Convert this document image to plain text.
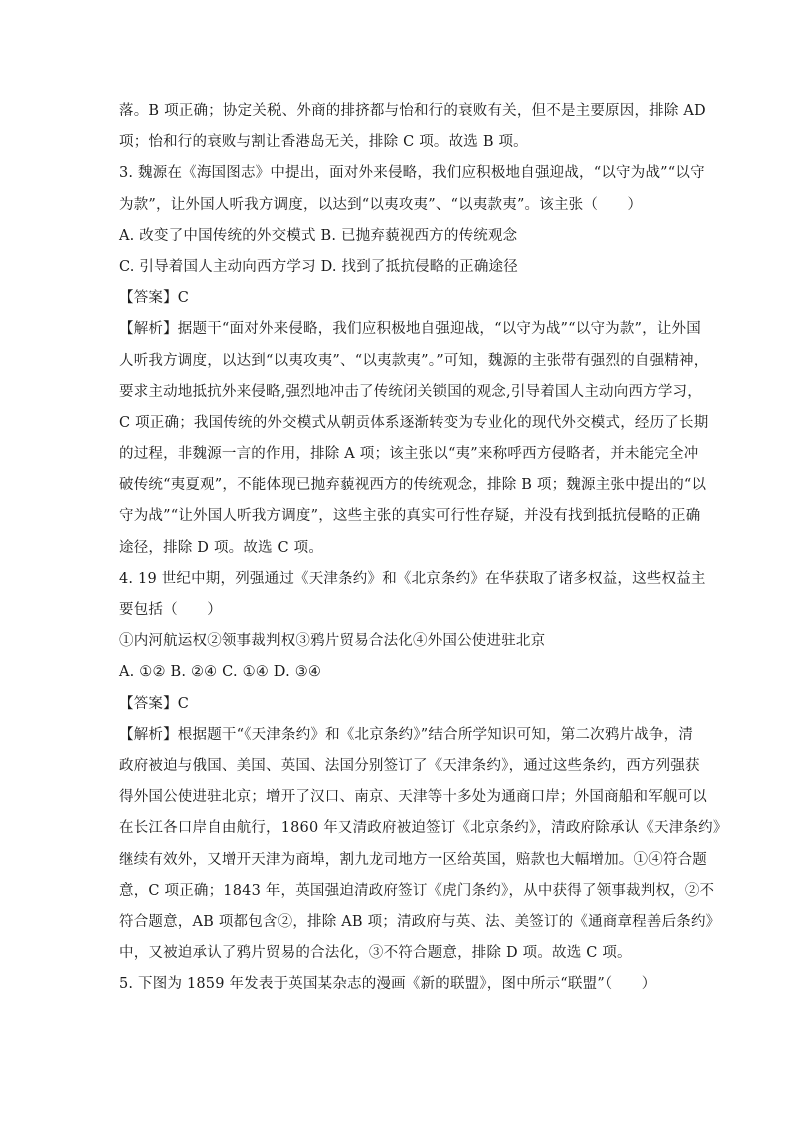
落。B 项正确；协定关税、外商的排挤都与怡和行的衰败有关，但不是主要原因，排除 AD
项；怡和行的衰败与割让香港岛无关，排除 C 项。故选 B 项。
3. 魏源在《海国图志》中提出，面对外来侵略，我们应积极地自强迎战，“以守为战”“以守
为款”，让外国人听我方调度，以达到“以夷攻夷”、“以夷款夷”。该主张（　　）
A. 改变了中国传统的外交模式 B. 已抛弃藐视西方的传统观念
C. 引导着国人主动向西方学习 D. 找到了抵抗侵略的正确途径
【答案】C
【解析】据题干“面对外来侵略，我们应积极地自强迎战，“以守为战”“以守为款”，让外国
人听我方调度，以达到“以夷攻夷”、“以夷款夷”。”可知，魏源的主张带有强烈的自强精神，
要求主动地抵抗外来侵略,强烈地冲击了传统闭关锁国的观念,引导着国人主动向西方学习，
C 项正确；我国传统的外交模式从朝贡体系逐渐转变为专业化的现代外交模式，经历了长期
的过程，非魏源一言的作用，排除 A 项；该主张以“夷”来称呼西方侵略者，并未能完全冲
破传统“夷夏观”，不能体现已抛弃藐视西方的传统观念，排除 B 项；魏源主张中提出的“以
守为战”“让外国人听我方调度”，这些主张的真实可行性存疑，并没有找到抵抗侵略的正确
途径，排除 D 项。故选 C 项。
4. 19 世纪中期，列强通过《天津条约》和《北京条约》在华获取了诸多权益，这些权益主
要包括（　　）
①内河航运权②领事裁判权③鸦片贸易合法化④外国公使进驻北京
A. ①② B. ②④ C. ①④ D. ③④
【答案】C
【解析】根据题干“《天津条约》和《北京条约》”结合所学知识可知，第二次鸦片战争，清
政府被迫与俄国、美国、英国、法国分别签订了《天津条约》，通过这些条约，西方列强获
得外国公使进驻北京；增开了汉口、南京、天津等十多处为通商口岸；外国商船和军舰可以
在长江各口岸自由航行，1860 年又清政府被迫签订《北京条约》，清政府除承认《天津条约》
继续有效外，又增开天津为商埠，割九龙司地方一区给英国，赔款也大幅增加。①④符合题
意，C 项正确；1843 年，英国强迫清政府签订《虎门条约》，从中获得了领事裁判权，②不
符合题意，AB 项都包含②，排除 AB 项；清政府与英、法、美签订的《通商章程善后条约》
中，又被迫承认了鸦片贸易的合法化，③不符合题意，排除 D 项。故选 C 项。
5. 下图为 1859 年发表于英国某杂志的漫画《新的联盟》，图中所示“联盟”（　　）
